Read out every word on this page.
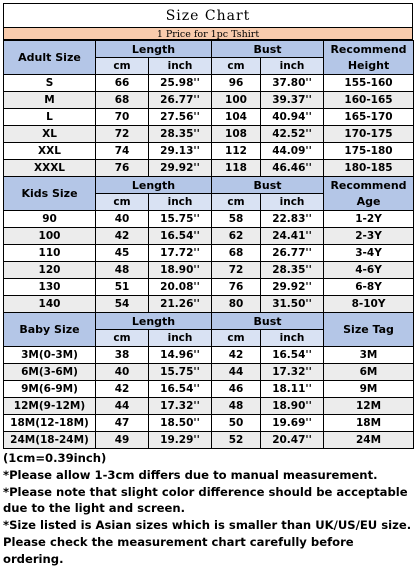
Size Chart
1 Price for 1pc Tshirt
Adult Size	Length		Bust		Recommend Height
	cm	inch	cm	inch	
S	66	25.98''	96	37.80''	155-160
M	68	26.77''	100	39.37''	160-165
L	70	27.56''	104	40.94''	165-170
XL	72	28.35''	108	42.52''	170-175
XXL	74	29.13''	112	44.09''	175-180
XXXL	76	29.92''	118	46.46''	180-185
Kids Size	Length		Bust		Recommend Age
	cm	inch	cm	inch	
90	40	15.75''	58	22.83''	1-2Y
100	42	16.54''	62	24.41''	2-3Y
110	45	17.72''	68	26.77''	3-4Y
120	48	18.90''	72	28.35''	4-6Y
130	51	20.08''	76	29.92''	6-8Y
140	54	21.26''	80	31.50''	8-10Y
Baby Size	Length		Bust		Size Tag
	cm	inch	cm	inch	
3M(0-3M)	38	14.96''	42	16.54''	3M
6M(3-6M)	40	15.75''	44	17.32''	6M
9M(6-9M)	42	16.54''	46	18.11''	9M
12M(9-12M)	44	17.32''	48	18.90''	12M
18M(12-18M)	47	18.50''	50	19.69''	18M
24M(18-24M)	49	19.29''	52	20.47''	24M
(1cm=0.39inch)
*Please allow 1-3cm differs due to manual measurement.
*Please note that slight color difference should be acceptable due to the light and screen.
*Size listed is Asian sizes which is smaller than UK/US/EU size. Please check the measurement chart carefully before ordering.
